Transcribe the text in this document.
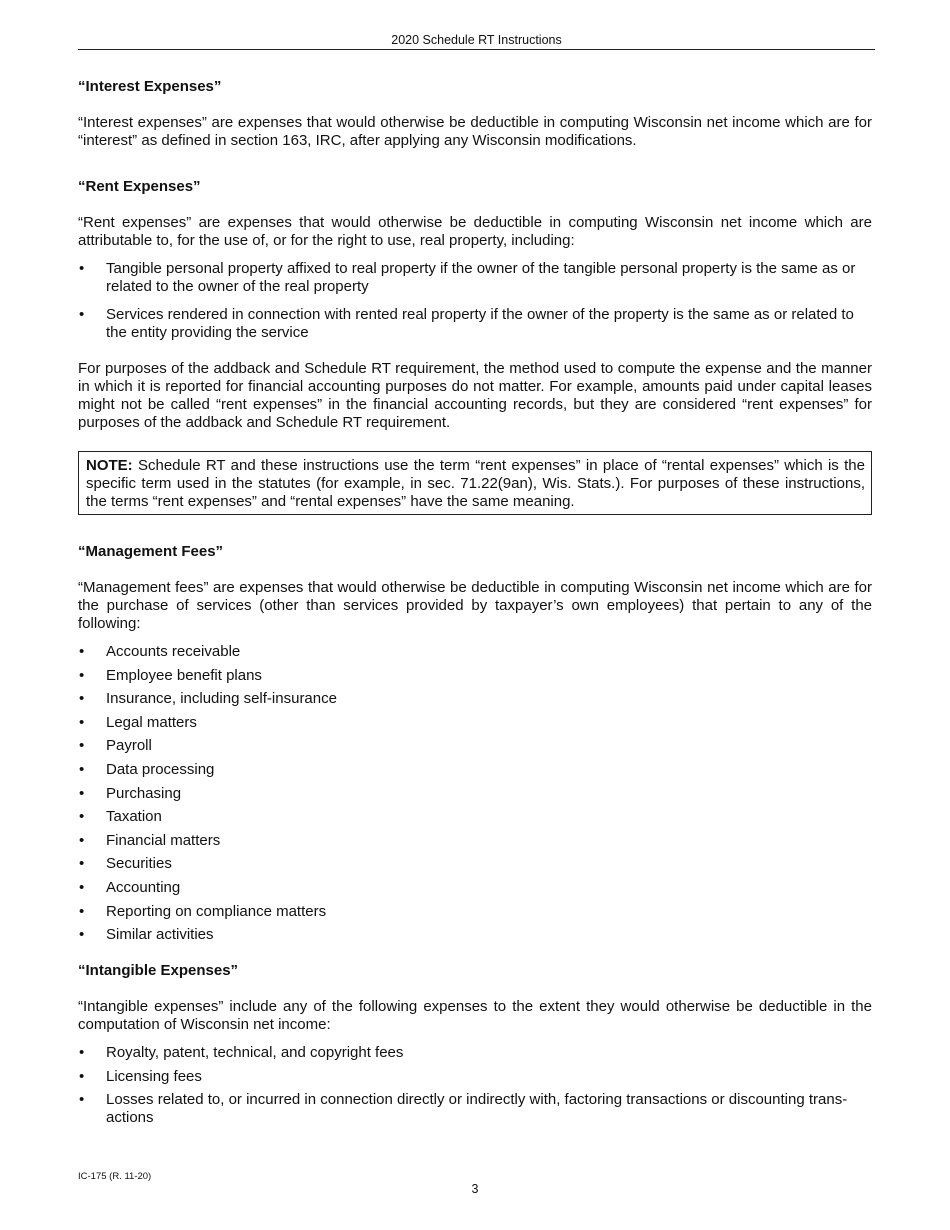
2020 Schedule RT Instructions
“Interest Expenses”

“Interest expenses” are expenses that would otherwise be deductible in computing Wisconsin net income which are for “interest” as defined in section 163, IRC, after applying any Wisconsin modifications.

“Rent Expenses”

“Rent expenses” are expenses that would otherwise be deductible in computing Wisconsin net income which are attributable to, for the use of, or for the right to use, real property, including:

• Tangible personal property affixed to real property if the owner of the tangible personal property is the same as or related to the owner of the real property
• Services rendered in connection with rented real property if the owner of the property is the same as or related to the entity providing the service

For purposes of the addback and Schedule RT requirement, the method used to compute the expense and the manner in which it is reported for financial accounting purposes do not matter. For example, amounts paid under capital leases might not be called “rent expenses” in the financial accounting records, but they are considered “rent expenses” for purposes of the addback and Schedule RT requirement.

NOTE: Schedule RT and these instructions use the term “rent expenses” in place of “rental expenses” which is the specific term used in the statutes (for example, in sec. 71.22(9an), Wis. Stats.). For purposes of these instructions, the terms “rent expenses” and “rental expenses” have the same meaning.
“Management Fees”

“Management fees” are expenses that would otherwise be deductible in computing Wisconsin net income which are for the purchase of services (other than services provided by taxpayer’s own employees) that pertain to any of the following:

• Accounts receivable
• Employee benefit plans
• Insurance, including self-insurance
• Legal matters
• Payroll
• Data processing
• Purchasing
• Taxation
• Financial matters
• Securities
• Accounting
• Reporting on compliance matters
• Similar activities
“Intangible Expenses”

“Intangible expenses” include any of the following expenses to the extent they would otherwise be deductible in the computation of Wisconsin net income:

• Royalty, patent, technical, and copyright fees
• Licensing fees
• Losses related to, or incurred in connection directly or indirectly with, factoring transactions or discounting trans-actions
IC-175 (R. 11-20)
3
